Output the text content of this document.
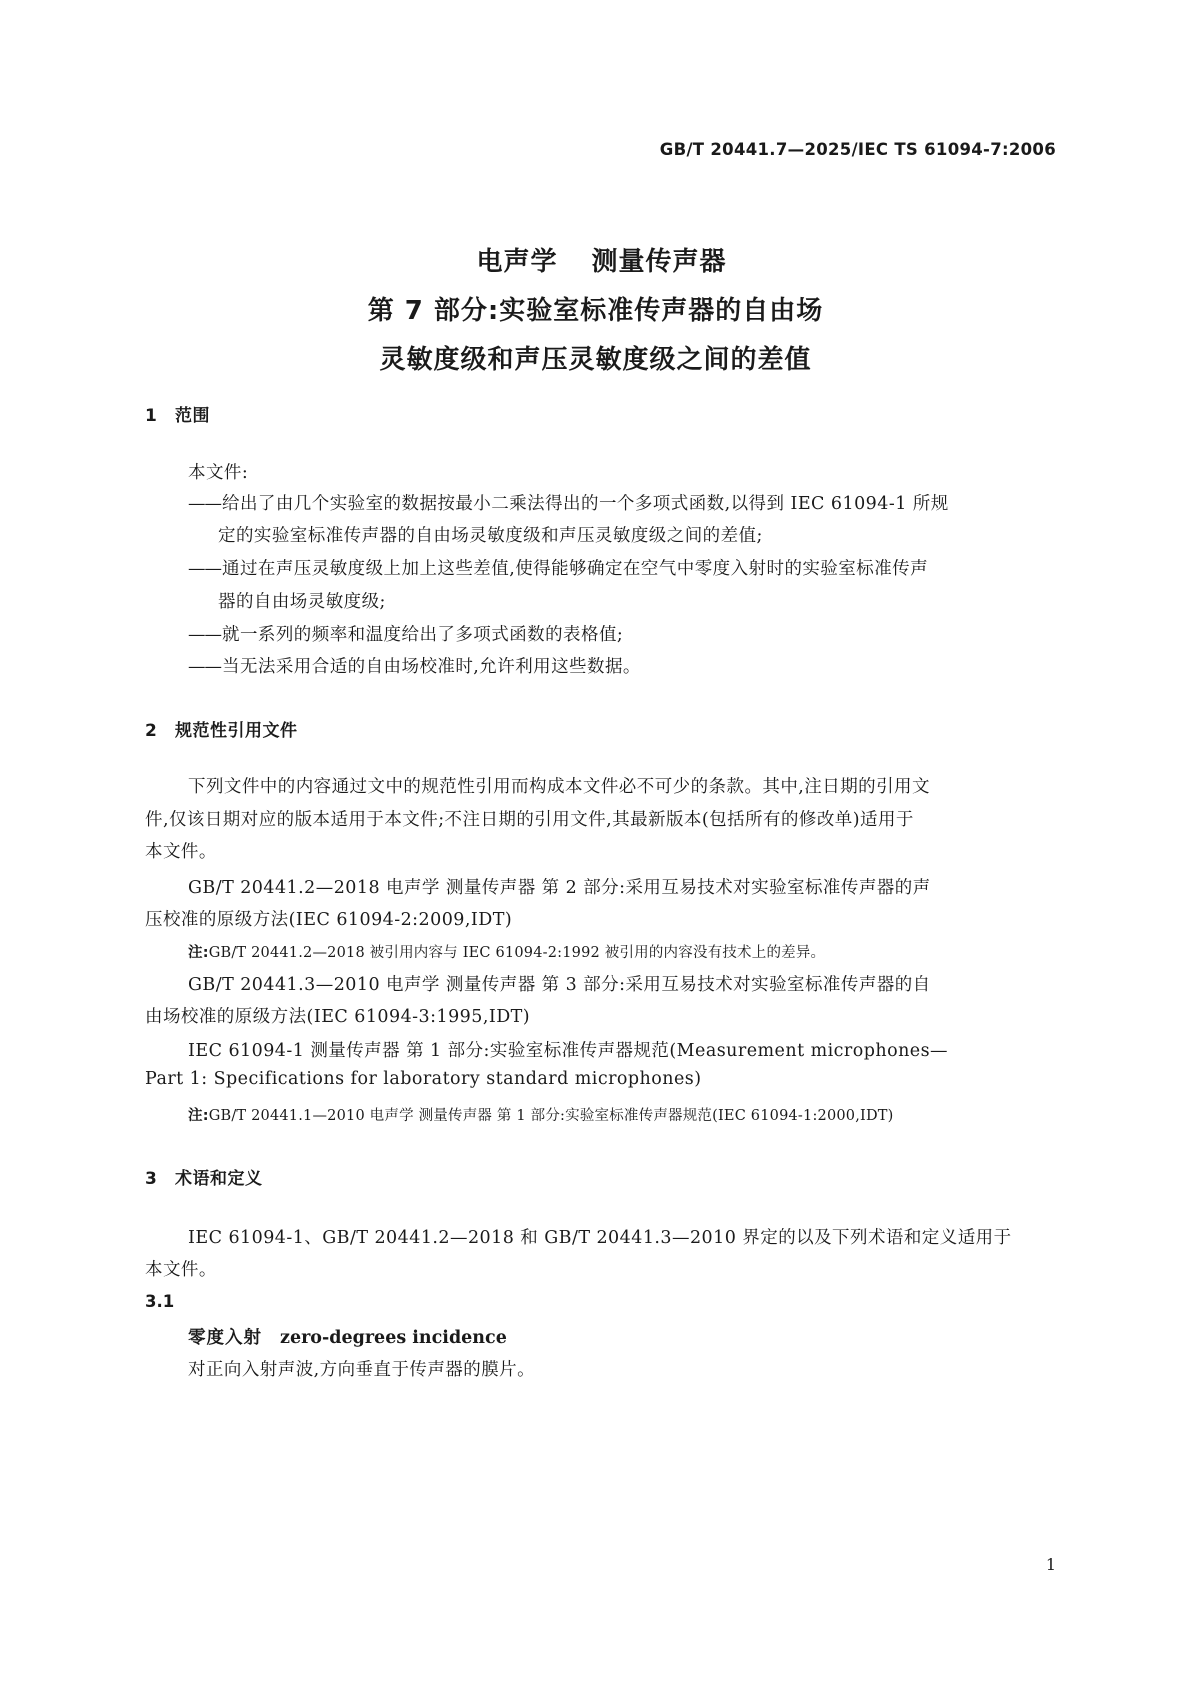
GB/T 20441.7—2025/IEC TS 61094-7:2006
电声学 测量传声器
第 7 部分:实验室标准传声器的自由场
灵敏度级和声压灵敏度级之间的差值
1 范围
本文件:
——给出了由几个实验室的数据按最小二乘法得出的一个多项式函数,以得到 IEC 61094-1 所规
定的实验室标准传声器的自由场灵敏度级和声压灵敏度级之间的差值;
——通过在声压灵敏度级上加上这些差值,使得能够确定在空气中零度入射时的实验室标准传声
器的自由场灵敏度级;
——就一系列的频率和温度给出了多项式函数的表格值;
——当无法采用合适的自由场校准时,允许利用这些数据。
2 规范性引用文件
下列文件中的内容通过文中的规范性引用而构成本文件必不可少的条款。其中,注日期的引用文
件,仅该日期对应的版本适用于本文件;不注日期的引用文件,其最新版本(包括所有的修改单)适用于
本文件。
GB/T 20441.2—2018 电声学 测量传声器 第 2 部分:采用互易技术对实验室标准传声器的声
压校准的原级方法(IEC 61094-2:2009,IDT)
注:GB/T 20441.2—2018 被引用内容与 IEC 61094-2:1992 被引用的内容没有技术上的差异。
GB/T 20441.3—2010 电声学 测量传声器 第 3 部分:采用互易技术对实验室标准传声器的自
由场校准的原级方法(IEC 61094-3:1995,IDT)
IEC 61094-1 测量传声器 第 1 部分:实验室标准传声器规范(Measurement microphones—
Part 1: Specifications for laboratory standard microphones)
注:GB/T 20441.1—2010 电声学 测量传声器 第 1 部分:实验室标准传声器规范(IEC 61094-1:2000,IDT)
3 术语和定义
IEC 61094-1、GB/T 20441.2—2018 和 GB/T 20441.3—2010 界定的以及下列术语和定义适用于
本文件。
3.1
零度入射 zero-degrees incidence
对正向入射声波,方向垂直于传声器的膜片。
1
